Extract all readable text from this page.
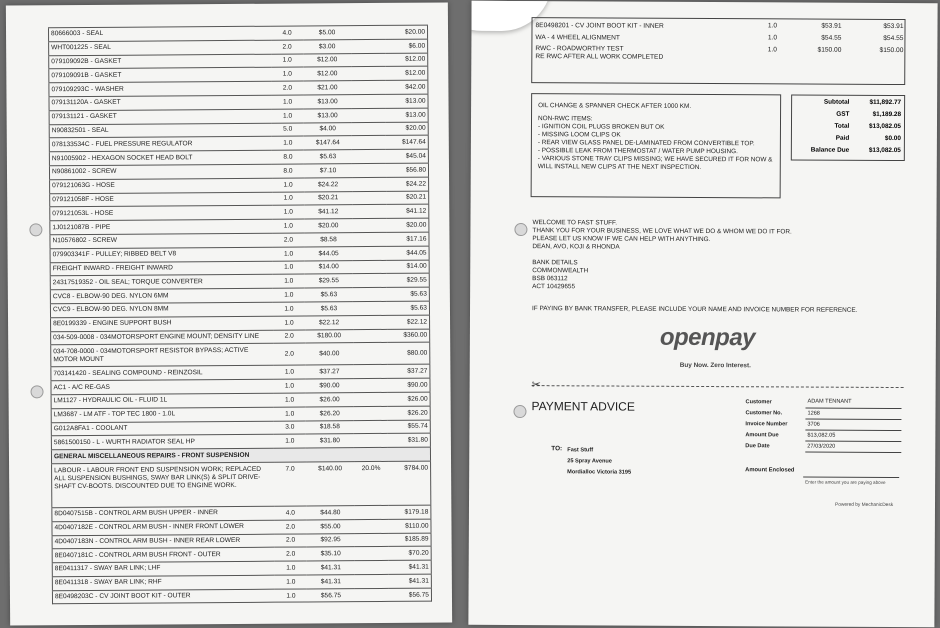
80666003 - SEAL	4.0	$5.00		$20.00
WHT001225 - SEAL	2.0	$3.00		$6.00
079109092B - GASKET	1.0	$12.00		$12.00
079109091B - GASKET	1.0	$12.00		$12.00
079109293C - WASHER	2.0	$21.00		$42.00
079131120A - GASKET	1.0	$13.00		$13.00
079131121 - GASKET	1.0	$13.00		$13.00
N90832501 - SEAL	5.0	$4.00		$20.00
078133534C - FUEL PRESSURE REGULATOR	1.0	$147.64		$147.64
N91005902 - HEXAGON SOCKET HEAD BOLT	8.0	$5.63		$45.04
N90861002 - SCREW	8.0	$7.10		$56.80
079121063G - HOSE	1.0	$24.22		$24.22
079121058F - HOSE	1.0	$20.21		$20.21
079121053L - HOSE	1.0	$41.12		$41.12
1J0121087B - PIPE	1.0	$20.00		$20.00
N10576802 - SCREW	2.0	$8.58		$17.16
079903341F - PULLEY; RIBBED BELT V8	1.0	$44.05		$44.05
FREIGHT INWARD - FREIGHT INWARD	1.0	$14.00		$14.00
24317519352 - OIL SEAL; TORQUE CONVERTER	1.0	$29.55		$29.55
CVC8 - ELBOW-90 DEG. NYLON 6MM	1.0	$5.63		$5.63
CVC9 - ELBOW-90 DEG. NYLON 8MM	1.0	$5.63		$5.63
8E0199339 - ENGINE SUPPORT BUSH	1.0	$22.12		$22.12
034-509-0008 - 034MOTORSPORT ENGINE MOUNT; DENSITY LINE	2.0	$180.00		$360.00
034-708-0000 - 034MOTORSPORT RESISTOR BYPASS; ACTIVE MOTOR MOUNT	2.0	$40.00		$80.00
703141420 - SEALING COMPOUND - REINZOSIL	1.0	$37.27		$37.27
AC1 - A/C RE-GAS	1.0	$90.00		$90.00
LM1127 - HYDRAULIC OIL - FLUID 1L	1.0	$26.00		$26.00
LM3687 - LM ATF - TOP TEC 1800 - 1.0L	1.0	$26.20		$26.20
G012A8FA1 - COOLANT	3.0	$18.58		$55.74
5861500150 - L - WURTH RADIATOR SEAL HP	1.0	$31.80		$31.80
GENERAL MISCELLANEOUS REPAIRS - FRONT SUSPENSION				
LABOUR - LABOUR FRONT END SUSPENSION WORK; REPLACED ALL SUSPENSION BUSHINGS, SWAY BAR LINK(S) & SPLIT DRIVE-SHAFT CV-BOOTS. DISCOUNTED DUE TO ENGINE WORK.	7.0	$140.00	20.0%	$784.00
8D0407515B - CONTROL ARM BUSH UPPER - INNER	4.0	$44.80		$179.18
4D0407182E - CONTROL ARM BUSH - INNER FRONT LOWER	2.0	$55.00		$110.00
4D0407183N - CONTROL ARM BUSH - INNER REAR LOWER	2.0	$92.95		$185.89
8E0407181C - CONTROL ARM BUSH FRONT - OUTER	2.0	$35.10		$70.20
8E0411317 - SWAY BAR LINK; LHF	1.0	$41.31		$41.31
8E0411318 - SWAY BAR LINK; RHF	1.0	$41.31		$41.31
8E0498203C - CV JOINT BOOT KIT - OUTER	1.0	$56.75		$56.75
8E0498201 - CV JOINT BOOT KIT - INNER	1.0	$53.91	$53.91
WA - 4 WHEEL ALIGNMENT	1.0	$54.55	$54.55
RWC - ROADWORTHY TEST
RE RWC AFTER ALL WORK COMPLETED	1.0	$150.00	$150.00
OIL CHANGE & SPANNER CHECK AFTER 1000 KM.
NON-RWC ITEMS:
- IGNITION COIL PLUGS BROKEN BUT OK
- MISSING LOOM CLIPS OK
- REAR VIEW GLASS PANEL DE-LAMINATED FROM CONVERTIBLE TOP.
- POSSIBLE LEAK FROM THERMOSTAT / WATER PUMP HOUSING.
- VARIOUS STONE TRAY CLIPS MISSING; WE HAVE SECURED IT FOR NOW & WILL INSTALL NEW CLIPS AT THE NEXT INSPECTION.
Subtotal	$11,892.77
GST	$1,189.28
Total	$13,082.05
Paid	$0.00
Balance Due	$13,082.05
WELCOME TO FAST STUFF.
THANK YOU FOR YOUR BUSINESS, WE LOVE WHAT WE DO & WHOM WE DO IT FOR.
PLEASE LET US KNOW IF WE CAN HELP WITH ANYTHING.
DEAN, AVO, KOJI & RHONDA
BANK DETAILS
COMMONWEALTH
BSB 063112
ACT 10429655
IF PAYING BY BANK TRANSFER, PLEASE INCLUDE YOUR NAME AND INVOICE NUMBER FOR REFERENCE.
openpay
Buy Now. Zero Interest.
✂
PAYMENT ADVICE	Customer	ADAM TENNANT
Customer No.	1268
Invoice Number	3706
Amount Due	$13,082.05
Due Date	27/03/2020
TO: Fast Stuff
25 Spray Avenue
Mordialloc Victoria 3195	Amount Enclosed
Enter the amount you are paying above
Powered by MechanicDesk
